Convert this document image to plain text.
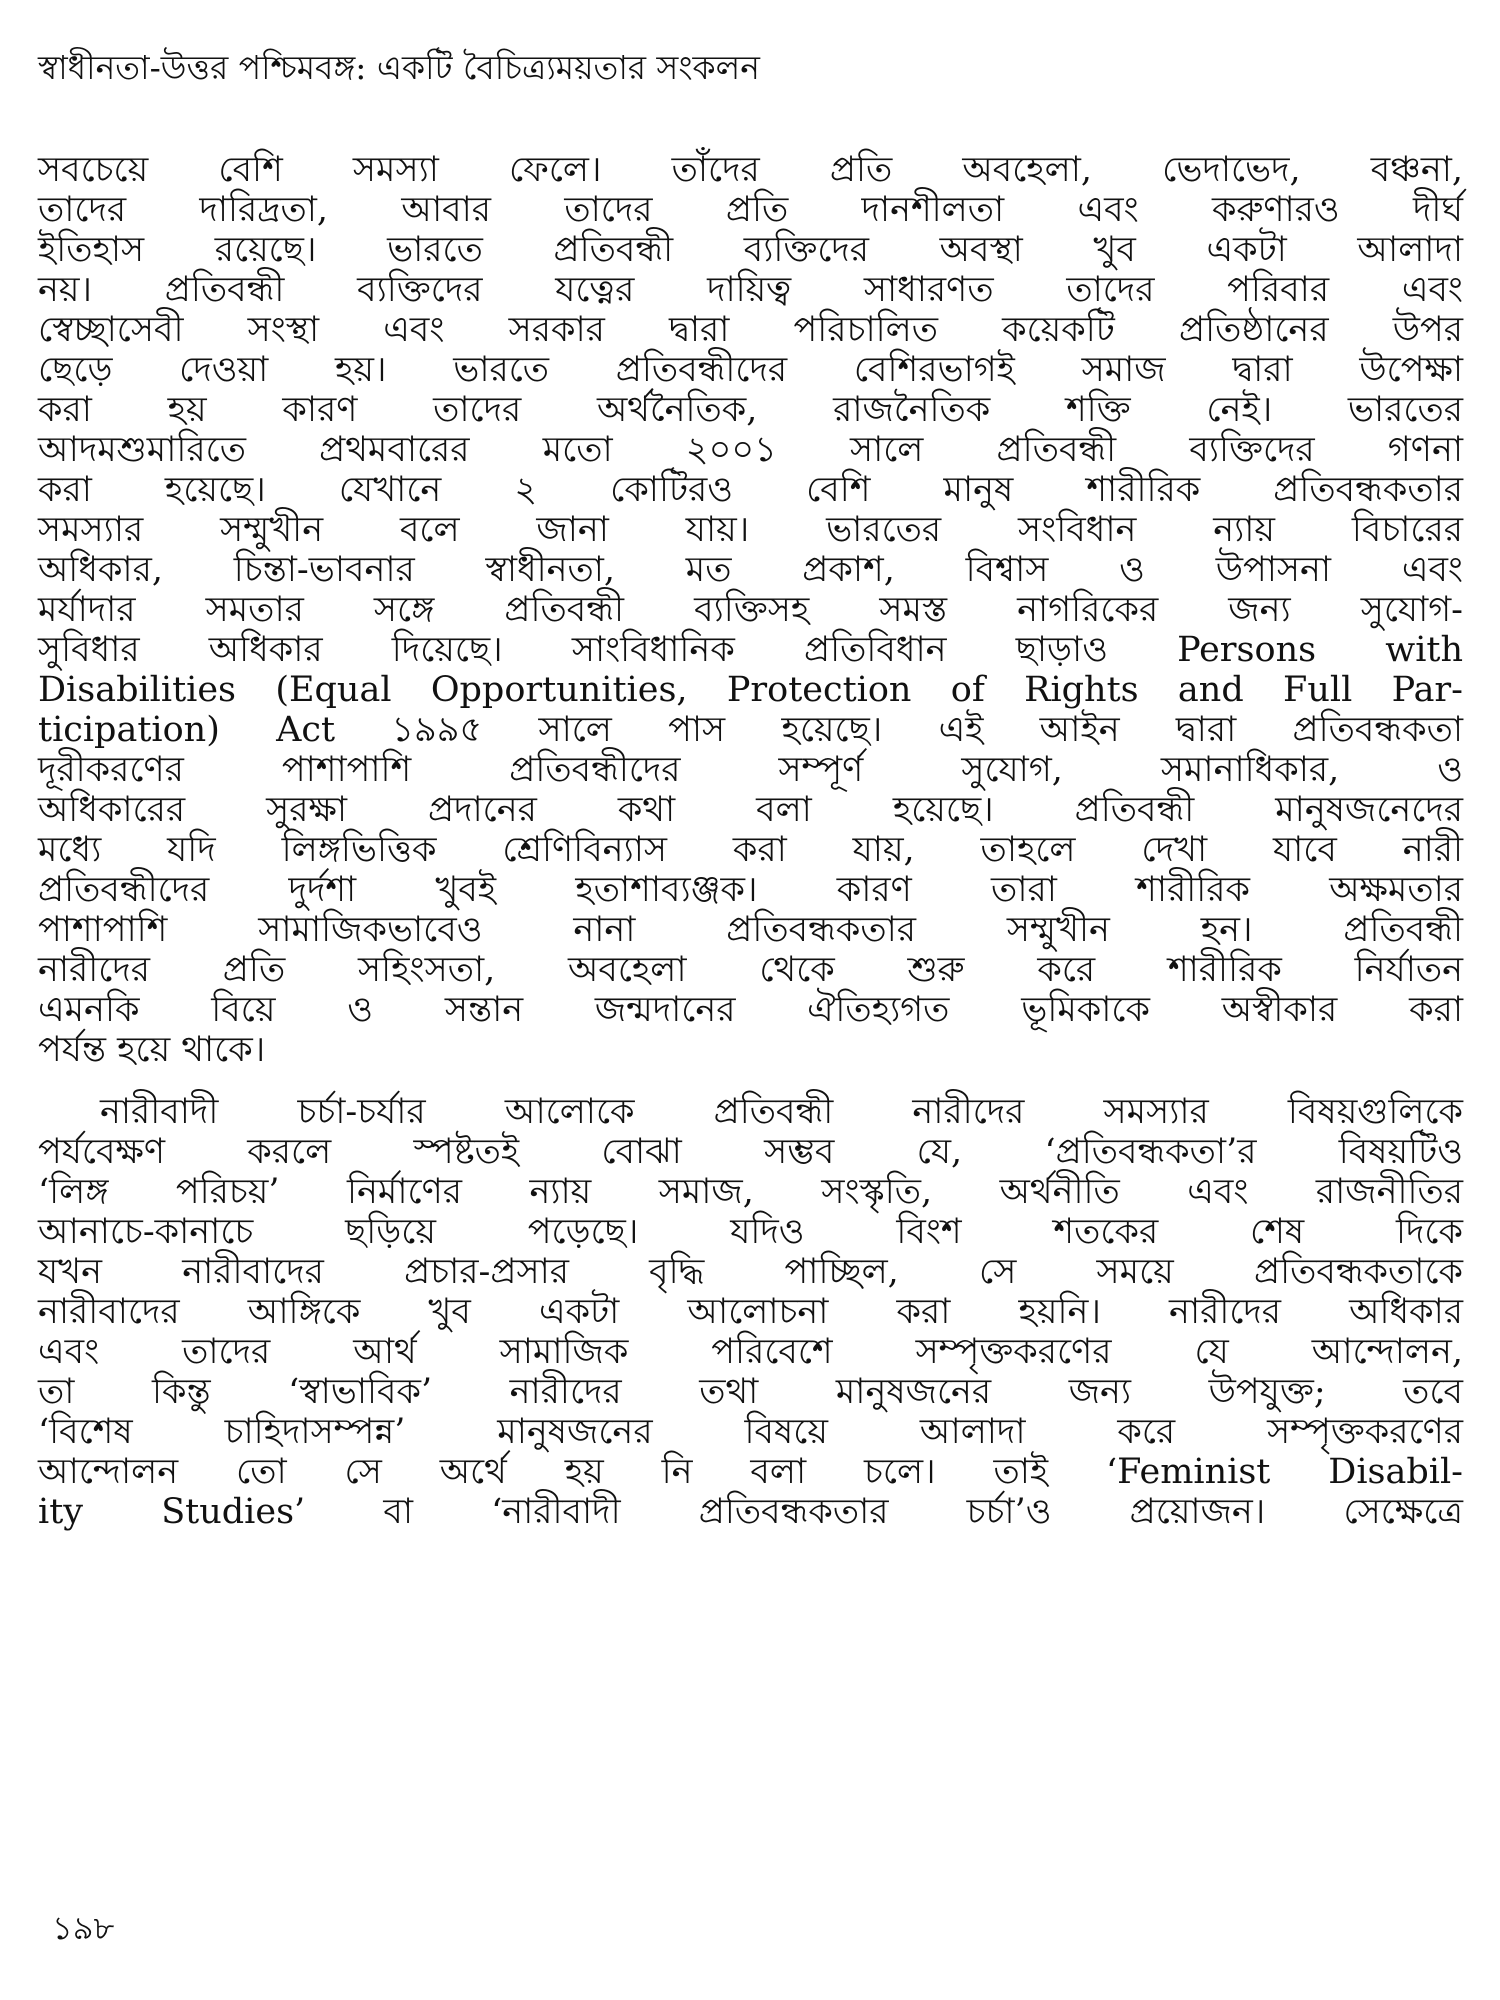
স্বাধীনতা-উত্তর পশ্চিমবঙ্গ: একটি বৈচিত্র্যময়তার সংকলন
সবচেয়ে বেশি সমস্যা ফেলে। তাঁদের প্রতি অবহেলা, ভেদাভেদ, বঞ্চনা,
তাদের দারিদ্রতা, আবার তাদের প্রতি দানশীলতা এবং করুণারও দীর্ঘ
ইতিহাস রয়েছে। ভারতে প্রতিবন্ধী ব্যক্তিদের অবস্থা খুব একটা আলাদা
নয়। প্রতিবন্ধী ব্যক্তিদের যত্নের দায়িত্ব সাধারণত তাদের পরিবার এবং
স্বেচ্ছাসেবী সংস্থা এবং সরকার দ্বারা পরিচালিত কয়েকটি প্রতিষ্ঠানের উপর
ছেড়ে দেওয়া হয়। ভারতে প্রতিবন্ধীদের বেশিরভাগই সমাজ দ্বারা উপেক্ষা
করা হয় কারণ তাদের অর্থনৈতিক, রাজনৈতিক শক্তি নেই। ভারতের
আদমশুমারিতে প্রথমবারের মতো ২০০১ সালে প্রতিবন্ধী ব্যক্তিদের গণনা
করা হয়েছে। যেখানে ২ কোটিরও বেশি মানুষ শারীরিক প্রতিবন্ধকতার
সমস্যার সম্মুখীন বলে জানা যায়। ভারতের সংবিধান ন্যায় বিচারের
অধিকার, চিন্তা-ভাবনার স্বাধীনতা, মত প্রকাশ, বিশ্বাস ও উপাসনা এবং
মর্যাদার সমতার সঙ্গে প্রতিবন্ধী ব্যক্তিসহ সমস্ত নাগরিকের জন্য সুযোগ-
সুবিধার অধিকার দিয়েছে। সাংবিধানিক প্রতিবিধান ছাড়াও Persons with
Disabilities (Equal Opportunities, Protection of Rights and Full Par-
ticipation) Act ১৯৯৫ সালে পাস হয়েছে। এই আইন দ্বারা প্রতিবন্ধকতা
দূরীকরণের পাশাপাশি প্রতিবন্ধীদের সম্পূর্ণ সুযোগ, সমানাধিকার, ও
অধিকারের সুরক্ষা প্রদানের কথা বলা হয়েছে। প্রতিবন্ধী মানুষজনেদের
মধ্যে যদি লিঙ্গভিত্তিক শ্রেণিবিন্যাস করা যায়, তাহলে দেখা যাবে নারী
প্রতিবন্ধীদের দুর্দশা খুবই হতাশাব্যঞ্জক। কারণ তারা শারীরিক অক্ষমতার
পাশাপাশি সামাজিকভাবেও নানা প্রতিবন্ধকতার সম্মুখীন হন। প্রতিবন্ধী
নারীদের প্রতি সহিংসতা, অবহেলা থেকে শুরু করে শারীরিক নির্যাতন
এমনকি বিয়ে ও সন্তান জন্মদানের ঐতিহ্যগত ভূমিকাকে অস্বীকার করা
পর্যন্ত হয়ে থাকে।
নারীবাদী চর্চা-চর্যার আলোকে প্রতিবন্ধী নারীদের সমস্যার বিষয়গুলিকে
পর্যবেক্ষণ করলে স্পষ্টতই বোঝা সম্ভব যে, ‘প্রতিবন্ধকতা’র বিষয়টিও
‘লিঙ্গ পরিচয়’ নির্মাণের ন্যায় সমাজ, সংস্কৃতি, অর্থনীতি এবং রাজনীতির
আনাচে-কানাচে ছড়িয়ে পড়েছে। যদিও বিংশ শতকের শেষ দিকে
যখন নারীবাদের প্রচার-প্রসার বৃদ্ধি পাচ্ছিল, সে সময়ে প্রতিবন্ধকতাকে
নারীবাদের আঙ্গিকে খুব একটা আলোচনা করা হয়নি। নারীদের অধিকার
এবং তাদের আর্থ সামাজিক পরিবেশে সম্পৃক্তকরণের যে আন্দোলন,
তা কিন্তু ‘স্বাভাবিক’ নারীদের তথা মানুষজনের জন্য উপযুক্ত; তবে
‘বিশেষ চাহিদাসম্পন্ন’ মানুষজনের বিষয়ে আলাদা করে সম্পৃক্তকরণের
আন্দোলন তো সে অর্থে হয় নি বলা চলে। তাই ‘Feminist Disabil-
ity Studies’ বা ‘নারীবাদী প্রতিবন্ধকতার চর্চা’ও প্রয়োজন। সেক্ষেত্রে
১৯৮
